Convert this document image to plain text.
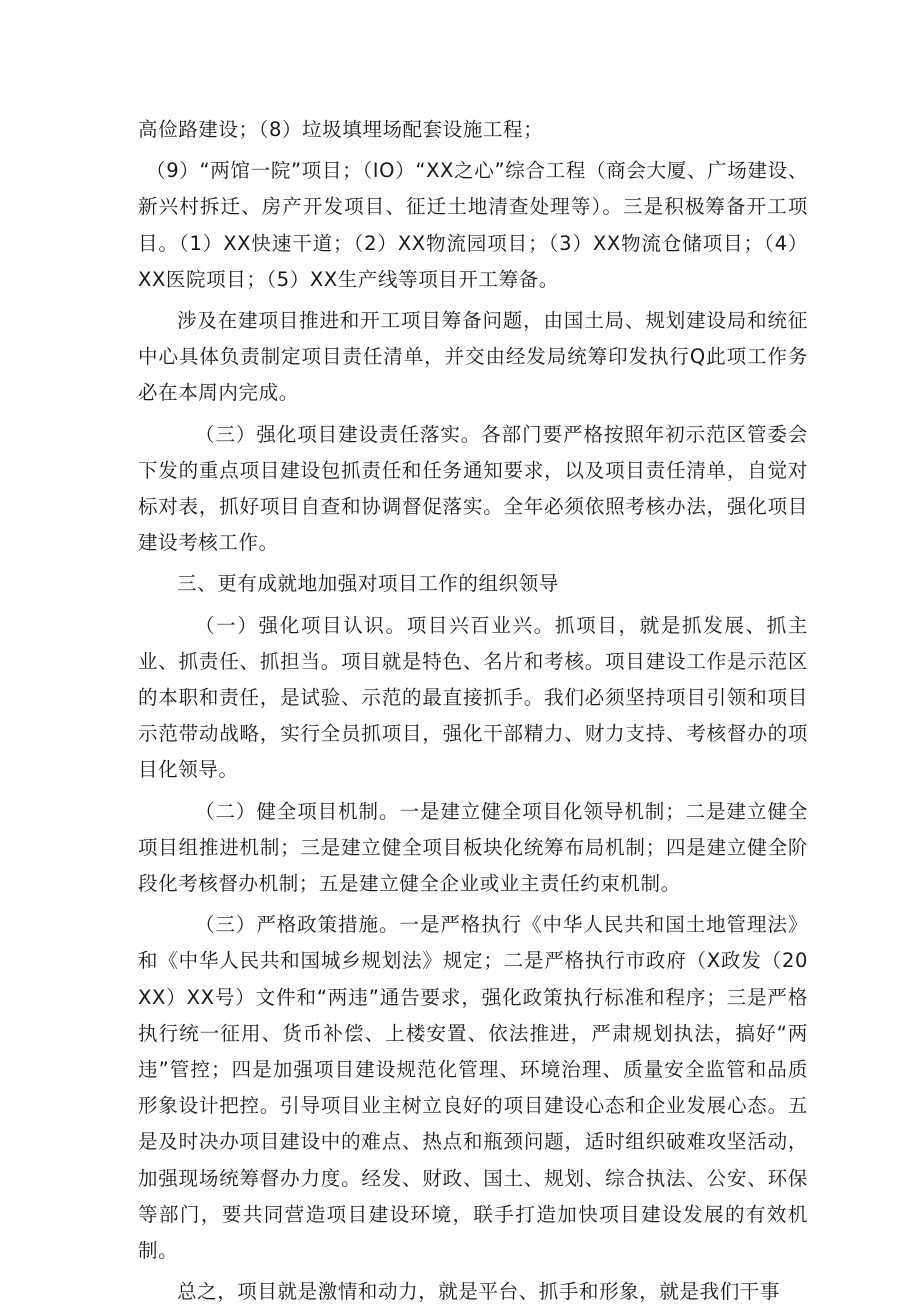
高俭路建设；（8）垃圾填埋场配套设施工程；

（9）“两馆一院”项目；（IO）“XX之心”综合工程（商会大厦、广场建设、新兴村拆迁、房产开发项目、征迁土地清查处理等）。三是积极筹备开工项目。（1）XX快速干道；（2）XX物流园项目；（3）XX物流仓储项目；（4）XX医院项目；（5）XX生产线等项目开工筹备。

涉及在建项目推进和开工项目筹备问题，由国土局、规划建设局和统征中心具体负责制定项目责任清单，并交由经发局统筹印发执行Q此项工作务必在本周内完成。

（三）强化项目建设责任落实。各部门要严格按照年初示范区管委会下发的重点项目建设包抓责任和任务通知要求，以及项目责任清单，自觉对标对表，抓好项目自查和协调督促落实。全年必须依照考核办法，强化项目建设考核工作。

三、更有成就地加强对项目工作的组织领导

（一）强化项目认识。项目兴百业兴。抓项目，就是抓发展、抓主业、抓责任、抓担当。项目就是特色、名片和考核。项目建设工作是示范区的本职和责任，是试验、示范的最直接抓手。我们必须坚持项目引领和项目示范带动战略，实行全员抓项目，强化干部精力、财力支持、考核督办的项目化领导。

（二）健全项目机制。一是建立健全项目化领导机制；二是建立健全项目组推进机制；三是建立健全项目板块化统筹布局机制；四是建立健全阶段化考核督办机制；五是建立健全企业或业主责任约束机制。

（三）严格政策措施。一是严格执行《中华人民共和国土地管理法》和《中华人民共和国城乡规划法》规定；二是严格执行市政府（X政发（20XX）XX号）文件和“两违”通告要求，强化政策执行标准和程序；三是严格执行统一征用、货币补偿、上楼安置、依法推进，严肃规划执法，搞好“两违”管控；四是加强项目建设规范化管理、环境治理、质量安全监管和品质形象设计把控。引导项目业主树立良好的项目建设心态和企业发展心态。五是及时决办项目建设中的难点、热点和瓶颈问题，适时组织破难攻坚活动，加强现场统筹督办力度。经发、财政、国土、规划、综合执法、公安、环保等部门，要共同营造项目建设环境，联手打造加快项目建设发展的有效机制。

总之，项目就是激情和动力，就是平台、抓手和形象，就是我们干事
